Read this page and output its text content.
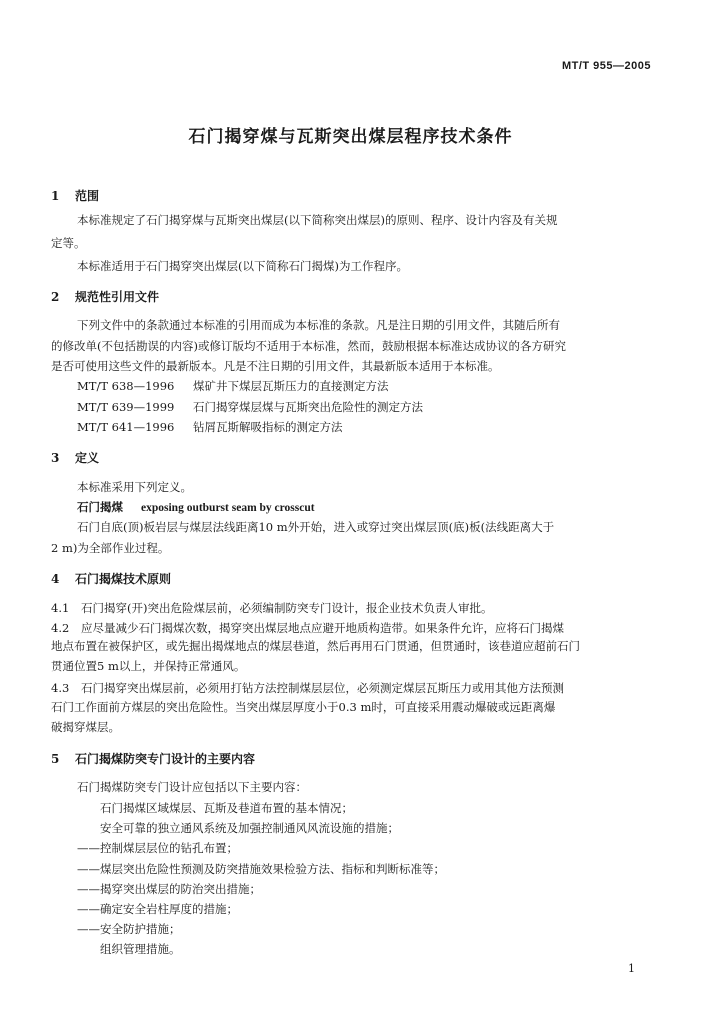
MT/T 955—2005
石门揭穿煤与瓦斯突出煤层程序技术条件
1 范围
本标准规定了石门揭穿煤与瓦斯突出煤层(以下简称突出煤层)的原则、程序、设计内容及有关规
定等。
本标准适用于石门揭穿突出煤层(以下简称石门揭煤)为工作程序。
2 规范性引用文件
下列文件中的条款通过本标准的引用而成为本标准的条款。凡是注日期的引用文件，其随后所有
的修改单(不包括勘误的内容)或修订版均不适用于本标准，然而，鼓励根据本标准达成协议的各方研究
是否可使用这些文件的最新版本。凡是不注日期的引用文件，其最新版本适用于本标准。
MT/T 638—1996 煤矿井下煤层瓦斯压力的直接测定方法
MT/T 639—1999 石门揭穿煤层煤与瓦斯突出危险性的测定方法
MT/T 641—1996 钻屑瓦斯解吸指标的测定方法
3 定义
本标准采用下列定义。
石门揭煤 exposing outburst seam by crosscut
石门自底(顶)板岩层与煤层法线距离10 m外开始，进入或穿过突出煤层顶(底)板(法线距离大于
2 m)为全部作业过程。
4 石门揭煤技术原则
4.1 石门揭穿(开)突出危险煤层前，必须编制防突专门设计，报企业技术负责人审批。
4.2 应尽量减少石门揭煤次数，揭穿突出煤层地点应避开地质构造带。如果条件允许，应将石门揭煤
地点布置在被保护区，或先掘出揭煤地点的煤层巷道，然后再用石门贯通，但贯通时，该巷道应超前石门
贯通位置5 m以上，并保持正常通风。
4.3 石门揭穿突出煤层前，必须用打钻方法控制煤层层位，必须测定煤层瓦斯压力或用其他方法预测
石门工作面前方煤层的突出危险性。当突出煤层厚度小于0.3 m时，可直接采用震动爆破或远距离爆
破揭穿煤层。
5 石门揭煤防突专门设计的主要内容
石门揭煤防突专门设计应包括以下主要内容：
石门揭煤区域煤层、瓦斯及巷道布置的基本情况；
安全可靠的独立通风系统及加强控制通风风流设施的措施；
——控制煤层层位的钻孔布置；
——煤层突出危险性预测及防突措施效果检验方法、指标和判断标准等；
——揭穿突出煤层的防治突出措施；
——确定安全岩柱厚度的措施；
——安全防护措施；
组织管理措施。
1
